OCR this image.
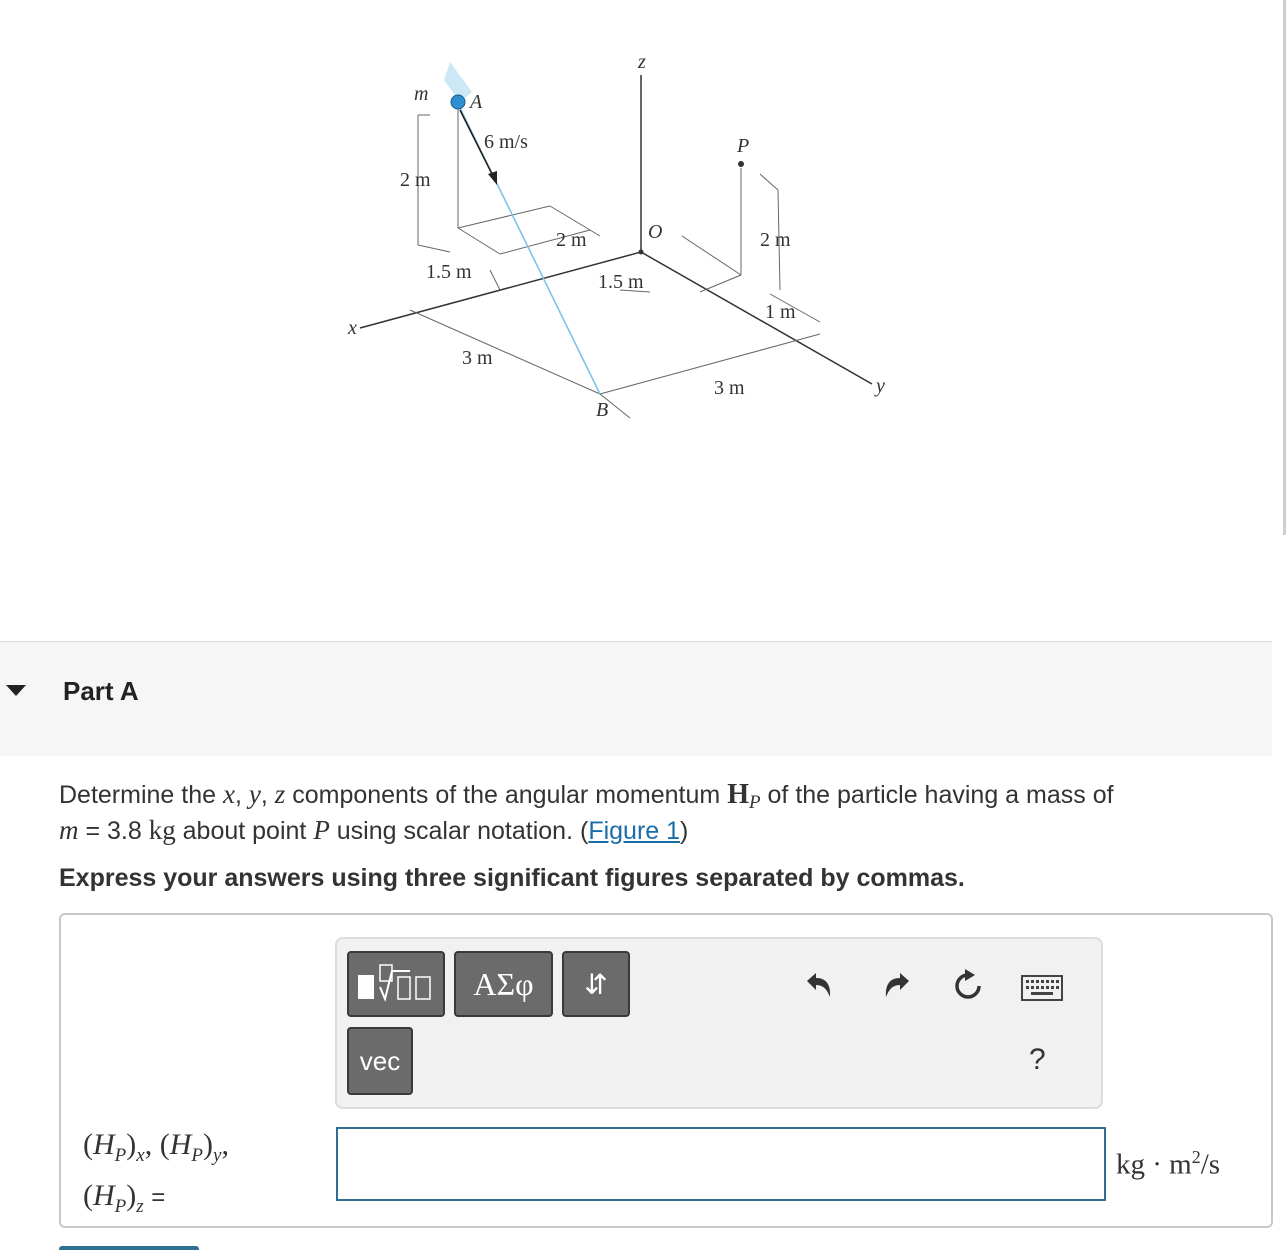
z
y
x
m A
B
O
P
6 m/s
2 m
1.5 m
2 m
1.5 m
2 m
1 m
3 m
3 m
Part A
Determine the x, y, z components of the angular momentum $H_P$ of the particle having a mass of
m = 3.8 kg about point P using scalar notation. (Figure 1)
Express your answers using three significant figures separated by commas.
ΑΣφ	⇵
vec	?
$(H_P)_x$, $(H_P)_y$,
$(H_P)_z$ =
kg · $m^2/s$
